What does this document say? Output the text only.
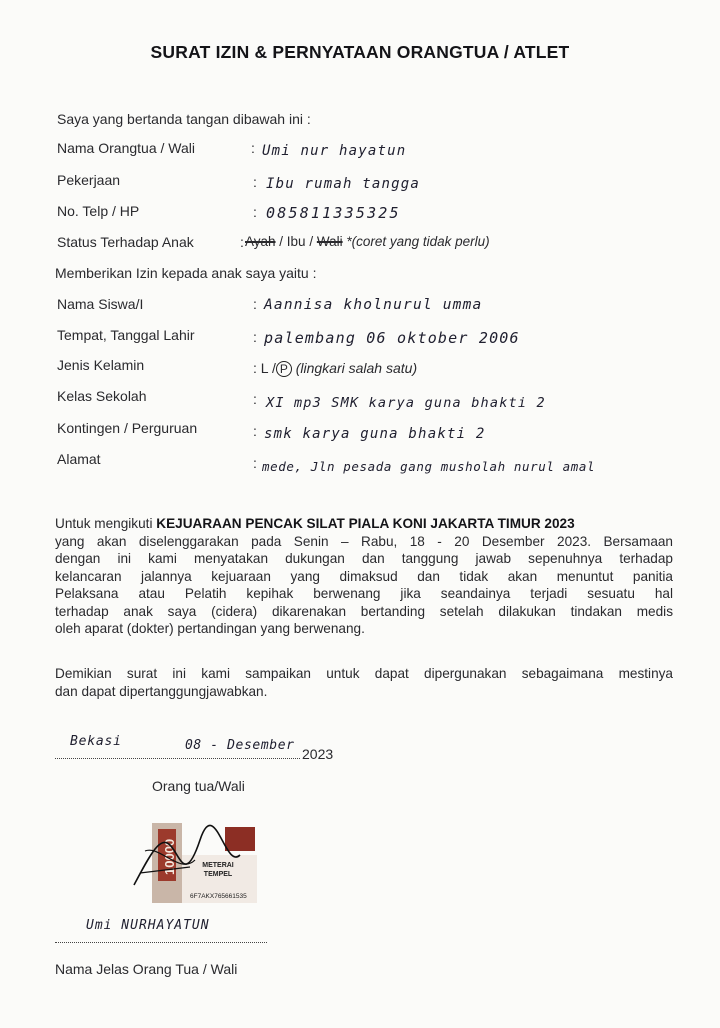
SURAT IZIN & PERNYATAAN ORANGTUA / ATLET
Saya yang bertanda tangan dibawah ini :
Nama Orangtua / Wali	: Umi nur hayatun
Pekerjaan	: Ibu rumah tangga
No. Telp / HP	: 085811335325
Status Terhadap Anak	: Ayah / Ibu / Wali *(coret yang tidak perlu)
Memberikan Izin kepada anak saya yaitu :
Nama Siswa/I	: Aannisa kholnurul umma
Tempat, Tanggal Lahir	: palembang 06 oktober 2006
Jenis Kelamin	: L / P (lingkari salah satu)
Kelas Sekolah	: XI mp3 SMK karya guna bhakti 2
Kontingen / Perguruan	: smk karya guna bhakti 2
Alamat	: mede, Jln pesada gang musholah nurul amal
Untuk mengikuti KEJUARAAN PENCAK SILAT PIALA KONI JAKARTA TIMUR 2023
yang akan diselenggarakan pada Senin – Rabu, 18 - 20 Desember 2023. Bersamaan
dengan ini kami menyatakan dukungan dan tanggung jawab sepenuhnya terhadap
kelancaran jalannya kejuaraan yang dimaksud dan tidak akan menuntut panitia
Pelaksana atau Pelatih kepihak berwenang jika seandainya terjadi sesuatu hal
terhadap anak saya (cidera) dikarenakan bertanding setelah dilakukan tindakan medis
oleh aparat (dokter) pertandingan yang berwenang.
Demikian surat ini kami sampaikan untuk dapat dipergunakan sebagaimana mestinya
dan dapat dipertanggungjawabkan.
Bekasi	08 - Desember
2023
Orang tua/Wali
METERAI
TEMPEL
6F7AKX765661535
10000
Umi NURHAYATUN
Nama Jelas Orang Tua / Wali
